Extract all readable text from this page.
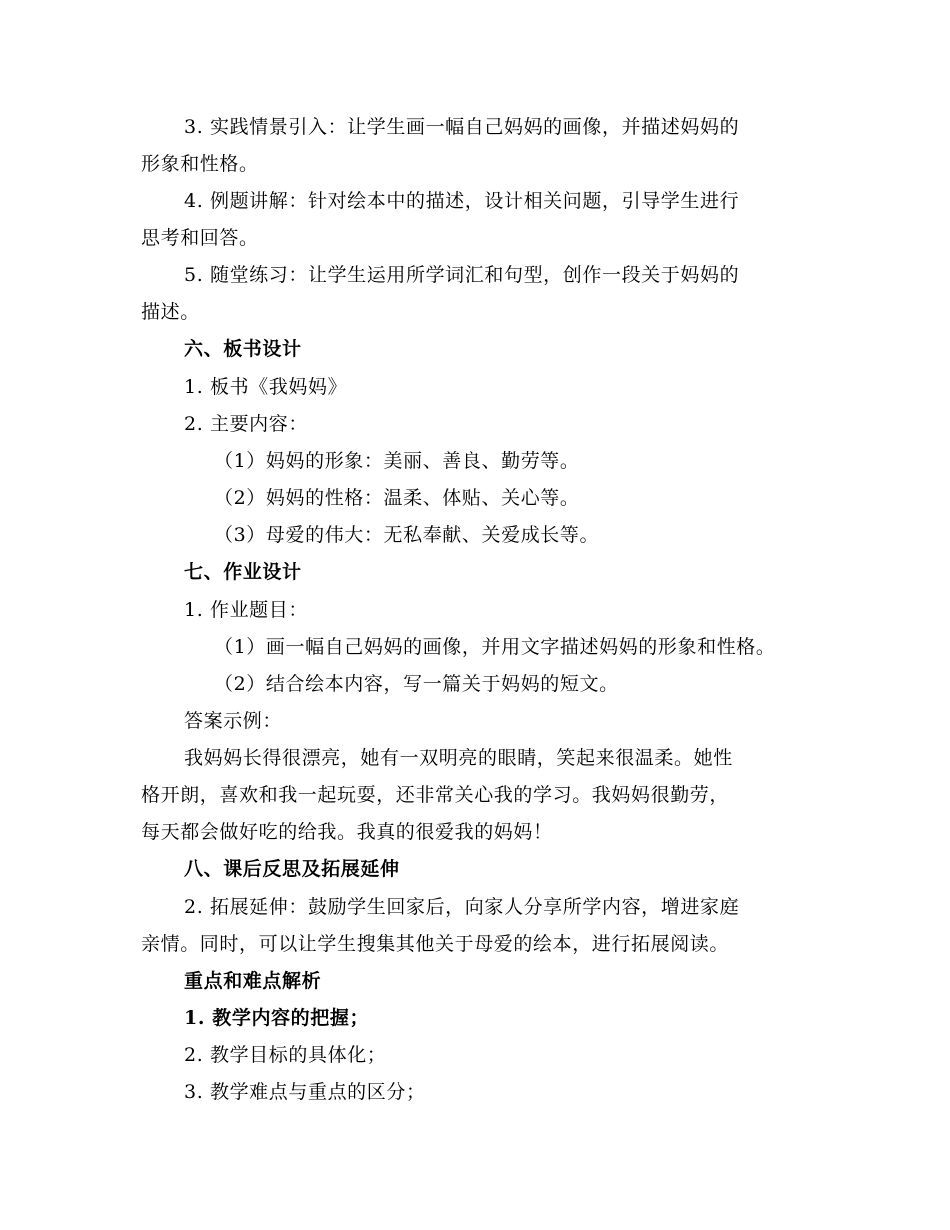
3. 实践情景引入：让学生画一幅自己妈妈的画像，并描述妈妈的
形象和性格。
4. 例题讲解：针对绘本中的描述，设计相关问题，引导学生进行
思考和回答。
5. 随堂练习：让学生运用所学词汇和句型，创作一段关于妈妈的
描述。
六、板书设计
1. 板书《我妈妈》
2. 主要内容：
（1）妈妈的形象：美丽、善良、勤劳等。
（2）妈妈的性格：温柔、体贴、关心等。
（3）母爱的伟大：无私奉献、关爱成长等。
七、作业设计
1. 作业题目：
（1）画一幅自己妈妈的画像，并用文字描述妈妈的形象和性格。
（2）结合绘本内容，写一篇关于妈妈的短文。
答案示例：
我妈妈长得很漂亮，她有一双明亮的眼睛，笑起来很温柔。她性
格开朗，喜欢和我一起玩耍，还非常关心我的学习。我妈妈很勤劳，
每天都会做好吃的给我。我真的很爱我的妈妈！
八、课后反思及拓展延伸
2. 拓展延伸：鼓励学生回家后，向家人分享所学内容，增进家庭
亲情。同时，可以让学生搜集其他关于母爱的绘本，进行拓展阅读。
重点和难点解析
1. 教学内容的把握；
2. 教学目标的具体化；
3. 教学难点与重点的区分；
